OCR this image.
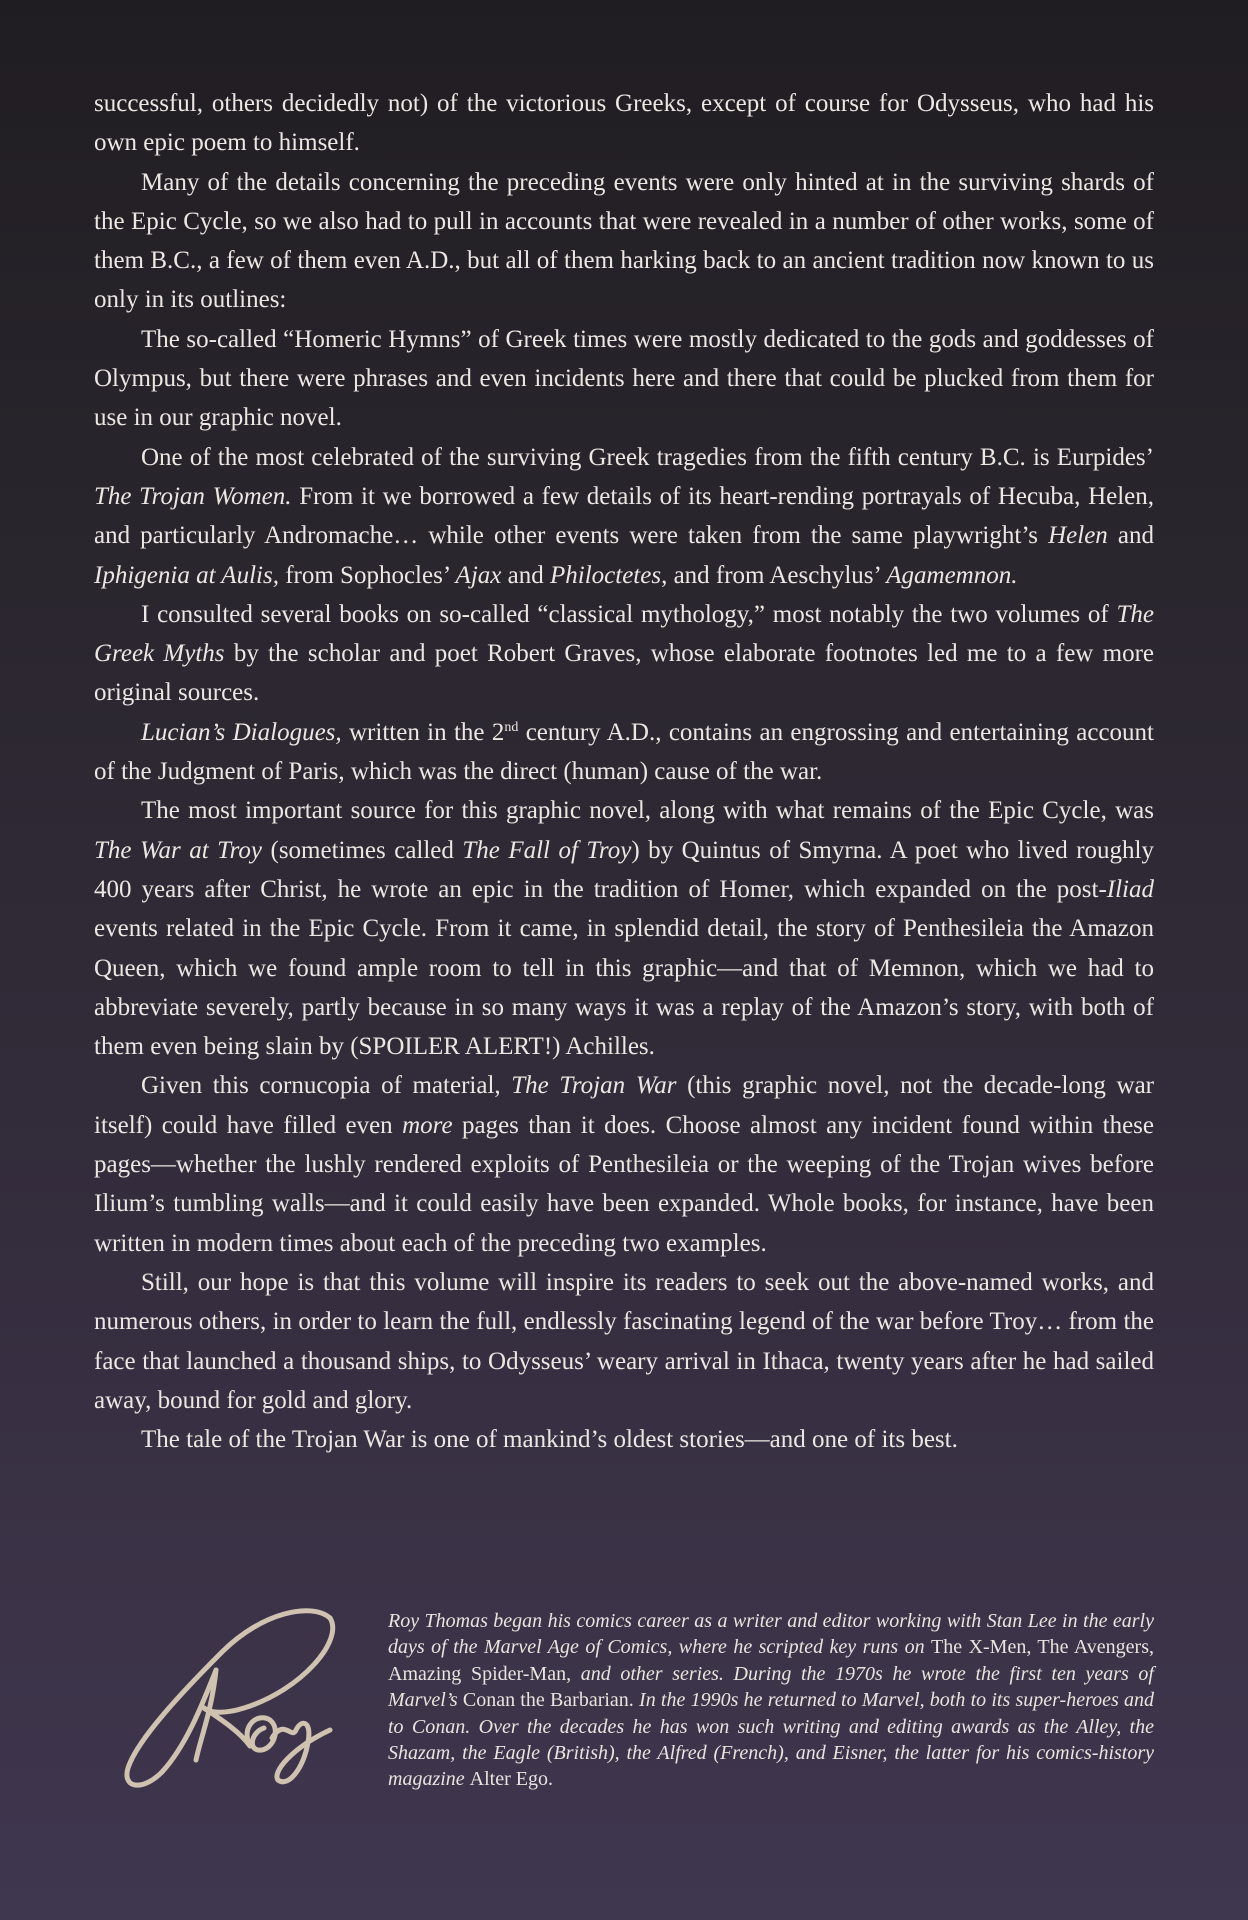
successful, others decidedly not) of the victorious Greeks, except of course for Odysseus, who had his own epic poem to himself.

Many of the details concerning the preceding events were only hinted at in the surviving shards of the Epic Cycle, so we also had to pull in accounts that were revealed in a number of other works, some of them B.C., a few of them even A.D., but all of them harking back to an ancient tradition now known to us only in its outlines:

The so-called “Homeric Hymns” of Greek times were mostly dedicated to the gods and goddesses of Olympus, but there were phrases and even incidents here and there that could be plucked from them for use in our graphic novel.

One of the most celebrated of the surviving Greek tragedies from the fifth century B.C. is Eurpides’ The Trojan Women. From it we borrowed a few details of its heart-rending portrayals of Hecuba, Helen, and particularly Andromache… while other events were taken from the same playwright’s Helen and Iphigenia at Aulis, from Sophocles’ Ajax and Philoctetes, and from Aeschylus’ Agamemnon.

I consulted several books on so-called “classical mythology,” most notably the two volumes of The Greek Myths by the scholar and poet Robert Graves, whose elaborate footnotes led me to a few more original sources.

Lucian’s Dialogues, written in the 2nd century A.D., contains an engrossing and entertaining account of the Judgment of Paris, which was the direct (human) cause of the war.

The most important source for this graphic novel, along with what remains of the Epic Cycle, was The War at Troy (sometimes called The Fall of Troy) by Quintus of Smyrna. A poet who lived roughly 400 years after Christ, he wrote an epic in the tradition of Homer, which expanded on the post-Iliad events related in the Epic Cycle. From it came, in splendid detail, the story of Penthesileia the Amazon Queen, which we found ample room to tell in this graphic—and that of Memnon, which we had to abbreviate severely, partly because in so many ways it was a replay of the Amazon’s story, with both of them even being slain by (SPOILER ALERT!) Achilles.

Given this cornucopia of material, The Trojan War (this graphic novel, not the decade-long war itself) could have filled even more pages than it does. Choose almost any incident found within these pages—whether the lushly rendered exploits of Penthesileia or the weeping of the Trojan wives before Ilium’s tumbling walls—and it could easily have been expanded. Whole books, for instance, have been written in modern times about each of the preceding two examples.

Still, our hope is that this volume will inspire its readers to seek out the above-named works, and numerous others, in order to learn the full, endlessly fascinating legend of the war before Troy… from the face that launched a thousand ships, to Odysseus’ weary arrival in Ithaca, twenty years after he had sailed away, bound for gold and glory.

The tale of the Trojan War is one of mankind’s oldest stories—and one of its best.

Roy Thomas began his comics career as a writer and editor working with Stan Lee in the early days of the Marvel Age of Comics, where he scripted key runs on The X-Men, The Avengers, Amazing Spider-Man, and other series. During the 1970s he wrote the first ten years of Marvel’s Conan the Barbarian. In the 1990s he returned to Marvel, both to its super-heroes and to Conan. Over the decades he has won such writing and editing awards as the Alley, the Shazam, the Eagle (British), the Alfred (French), and Eisner, the latter for his comics-history magazine Alter Ego.
